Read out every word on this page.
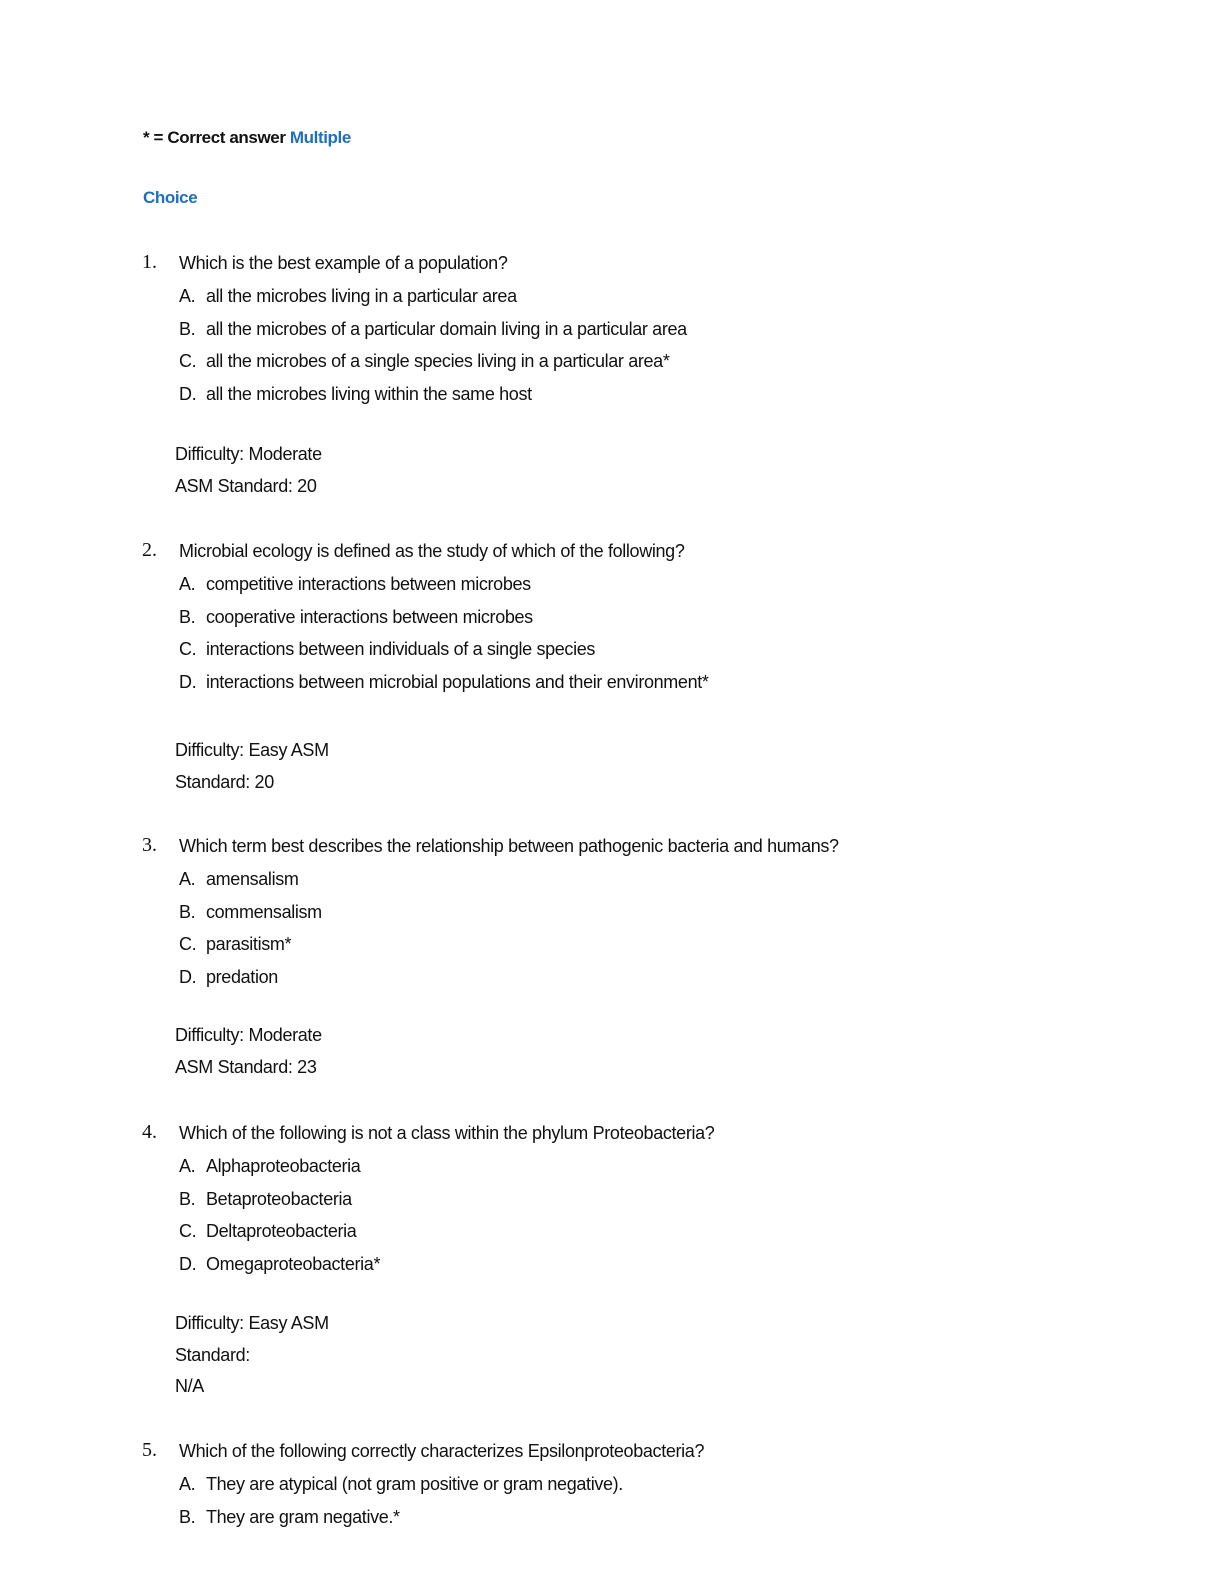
* = Correct answer Multiple
Choice
1. Which is the best example of a population?
A. all the microbes living in a particular area
B. all the microbes of a particular domain living in a particular area
C. all the microbes of a single species living in a particular area*
D. all the microbes living within the same host
Difficulty: Moderate
ASM Standard: 20
2. Microbial ecology is defined as the study of which of the following?
A. competitive interactions between microbes
B. cooperative interactions between microbes
C. interactions between individuals of a single species
D. interactions between microbial populations and their environment*
Difficulty: Easy ASM
Standard: 20
3. Which term best describes the relationship between pathogenic bacteria and humans?
A. amensalism
B. commensalism
C. parasitism*
D. predation
Difficulty: Moderate
ASM Standard: 23
4. Which of the following is not a class within the phylum Proteobacteria?
A. Alphaproteobacteria
B. Betaproteobacteria
C. Deltaproteobacteria
D. Omegaproteobacteria*
Difficulty: Easy ASM
Standard:
N/A
5. Which of the following correctly characterizes Epsilonproteobacteria?
A. They are atypical (not gram positive or gram negative).
B. They are gram negative.*
